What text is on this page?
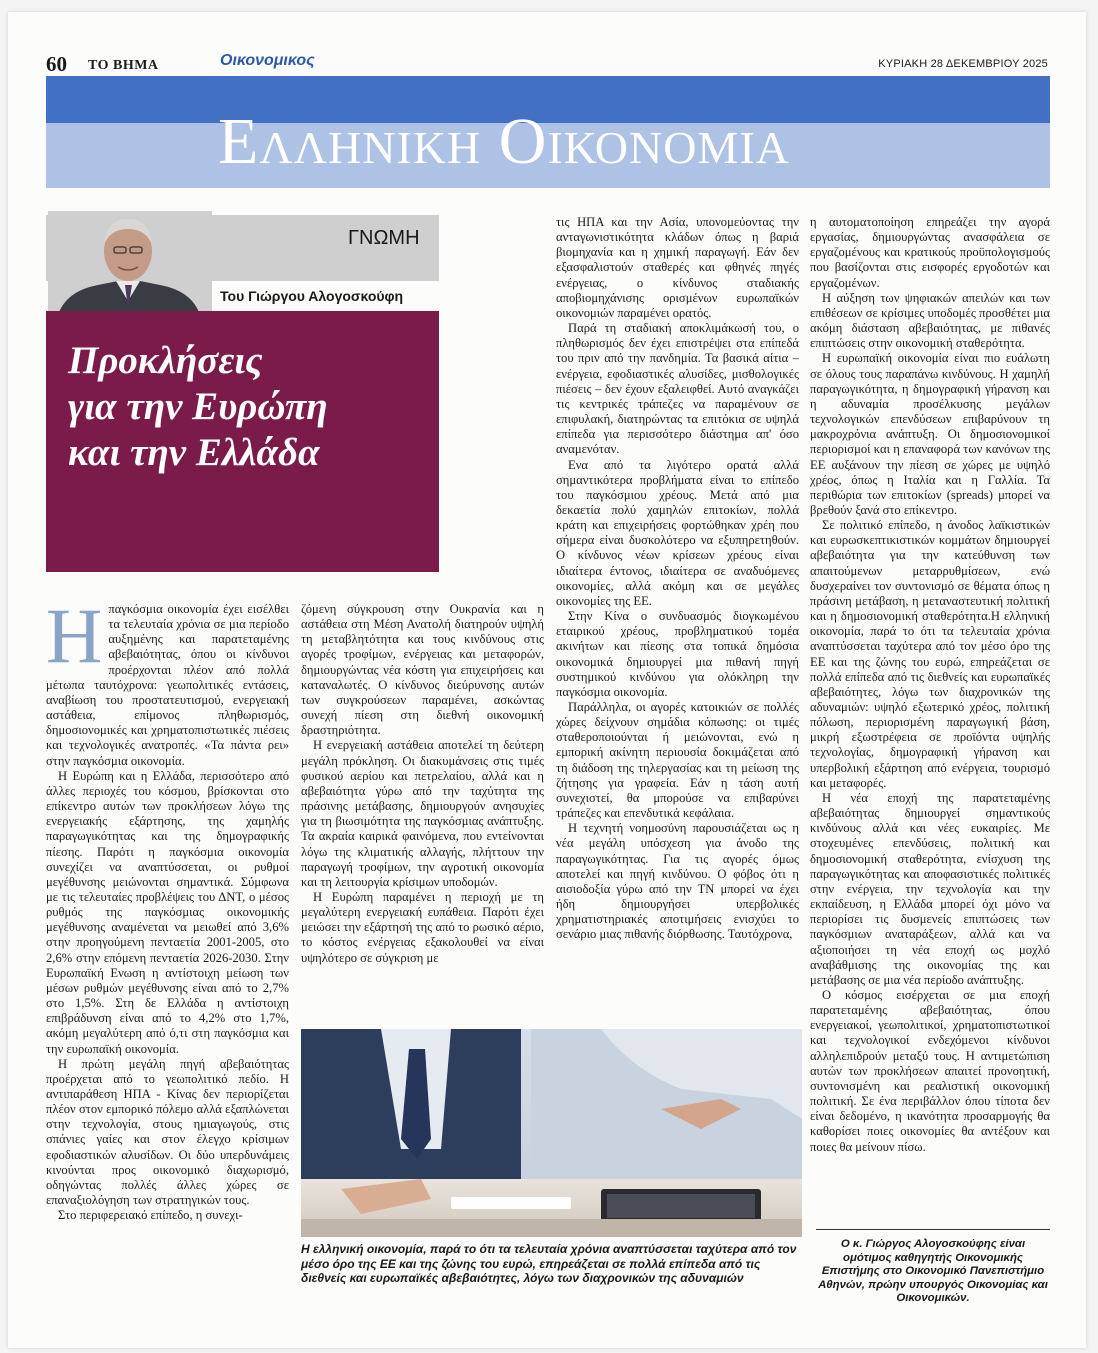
60 ΤΟ ΒΗΜΑ	Οικονομικος	ΚΥΡΙΑΚΗ 28 ΔΕΚΕΜΒΡΙΟΥ 2025
Ελληνικη Οικονομια
ΓΝΩΜΗ
Του Γιώργου Αλογοσκούφη
Προκλήσεις
για την Ευρώπη
και την Ελλάδα
Η παγκόσμια οικονομία έχει εισέλθει τα τελευταία χρόνια σε μια περίοδο αυξημένης και παρατεταμένης αβεβαιότητας, όπου οι κίνδυνοι προέρχονται πλέον από πολλά μέτωπα ταυτόχρονα: γεωπολιτικές εντάσεις, αναβίωση του προστατευτισμού, ενεργειακή αστάθεια, επίμονος πληθωρισμός, δημοσιονομικές και χρηματοπιστωτικές πιέσεις και τεχνολογικές ανατροπές. «Τα πάντα ρει» στην παγκόσμια οικονομία.

Η Ευρώπη και η Ελλάδα, περισσότερο από άλλες περιοχές του κόσμου, βρίσκονται στο επίκεντρο αυτών των προκλήσεων λόγω της ενεργειακής εξάρτησης, της χαμηλής παραγωγικότητας και της δημογραφικής πίεσης. Παρότι η παγκόσμια οικονομία συνεχίζει να αναπτύσσεται, οι ρυθμοί μεγέθυνσης μειώνονται σημαντικά. Σύμφωνα με τις τελευταίες προβλέψεις του ΔΝΤ, ο μέσος ρυθμός της παγκόσμιας οικονομικής μεγέθυνσης αναμένεται να μειωθεί από 3,6% στην προηγούμενη πενταετία 2001-2005, στο 2,6% στην επόμενη πενταετία 2026-2030. Στην Ευρωπαϊκή Ενωση η αντίστοιχη μείωση των μέσων ρυθμών μεγέθυνσης είναι από το 2,7% στο 1,5%. Στη δε Ελλάδα η αντίστοιχη επιβράδυνση είναι από το 4,2% στο 1,7%, ακόμη μεγαλύτερη από ό,τι στη παγκόσμια και την ευρωπαϊκή οικονομία.

Η πρώτη μεγάλη πηγή αβεβαιότητας προέρχεται από το γεωπολιτικό πεδίο. Η αντιπαράθεση ΗΠΑ - Κίνας δεν περιορίζεται πλέον στον εμπορικό πόλεμο αλλά εξαπλώνεται στην τεχνολογία, στους ημιαγωγούς, στις σπάνιες γαίες και στον έλεγχο κρίσιμων εφοδιαστικών αλυσίδων. Οι δύο υπερδυνάμεις κινούνται προς οικονομικό διαχωρισμό, οδηγώντας πολλές άλλες χώρες σε επαναξιολόγηση των στρατηγικών τους.

Στο περιφερειακό επίπεδο, η συνεχι-

ζόμενη σύγκρουση στην Ουκρανία και η αστάθεια στη Μέση Ανατολή διατηρούν υψηλή τη μεταβλητότητα και τους κινδύνους στις αγορές τροφίμων, ενέργειας και μεταφορών, δημιουργώντας νέα κόστη για επιχειρήσεις και καταναλωτές. Ο κίνδυνος διεύρυνσης αυτών των συγκρούσεων παραμένει, ασκώντας συνεχή πίεση στη διεθνή οικονομική δραστηριότητα.

Η ενεργειακή αστάθεια αποτελεί τη δεύτερη μεγάλη πρόκληση. Οι διακυμάνσεις στις τιμές φυσικού αερίου και πετρελαίου, αλλά και η αβεβαιότητα γύρω από την ταχύτητα της πράσινης μετάβασης, δημιουργούν ανησυχίες για τη βιωσιμότητα της παγκόσμιας ανάπτυξης. Τα ακραία καιρικά φαινόμενα, που εντείνονται λόγω της κλιματικής αλλαγής, πλήττουν την παραγωγή τροφίμων, την αγροτική οικονομία και τη λειτουργία κρίσιμων υποδομών.

Η Ευρώπη παραμένει η περιοχή με τη μεγαλύτερη ενεργειακή ευπάθεια. Παρότι έχει μειώσει την εξάρτησή της από το ρωσικό αέριο, το κόστος ενέργειας εξακολουθεί να είναι υψηλότερο σε σύγκριση με

τις ΗΠΑ και την Ασία, υπονομεύοντας την ανταγωνιστικότητα κλάδων όπως η βαριά βιομηχανία και η χημική παραγωγή. Εάν δεν εξασφαλιστούν σταθερές και φθηνές πηγές ενέργειας, ο κίνδυνος σταδιακής αποβιομηχάνισης ορισμένων ευρωπαϊκών οικονομιών παραμένει ορατός.

Παρά τη σταδιακή αποκλιμάκωσή του, ο πληθωρισμός δεν έχει επιστρέψει στα επίπεδά του πριν από την πανδημία. Τα βασικά αίτια – ενέργεια, εφοδιαστικές αλυσίδες, μισθολογικές πιέσεις – δεν έχουν εξαλειφθεί. Αυτό αναγκάζει τις κεντρικές τράπεζες να παραμένουν σε επιφυλακή, διατηρώντας τα επιτόκια σε υψηλά επίπεδα για περισσότερο διάστημα απ' όσο αναμενόταν.

Ενα από τα λιγότερο ορατά αλλά σημαντικότερα προβλήματα είναι το επίπεδο του παγκόσμιου χρέους. Μετά από μια δεκαετία πολύ χαμηλών επιτοκίων, πολλά κράτη και επιχειρήσεις φορτώθηκαν χρέη που σήμερα είναι δυσκολότερο να εξυπηρετηθούν. Ο κίνδυνος νέων κρίσεων χρέους είναι ιδιαίτερα έντονος, ιδιαίτερα σε αναδυόμενες οικονομίες, αλλά ακόμη και σε μεγάλες οικονομίες της ΕΕ.

Στην Κίνα ο συνδυασμός διογκωμένου εταιρικού χρέους, προβληματικού τομέα ακινήτων και πίεσης στα τοπικά δημόσια οικονομικά δημιουργεί μια πιθανή πηγή συστημικού κινδύνου για ολόκληρη την παγκόσμια οικονομία.

Παράλληλα, οι αγορές κατοικιών σε πολλές χώρες δείχνουν σημάδια κόπωσης: οι τιμές σταθεροποιούνται ή μειώνονται, ενώ η εμπορική ακίνητη περιουσία δοκιμάζεται από τη διάδοση της τηλεργασίας και τη μείωση της ζήτησης για γραφεία. Εάν η τάση αυτή συνεχιστεί, θα μπορούσε να επιβαρύνει τράπεζες και επενδυτικά κεφάλαια.

Η τεχνητή νοημοσύνη παρουσιάζεται ως η νέα μεγάλη υπόσχεση για άνοδο της παραγωγικότητας. Για τις αγορές όμως αποτελεί και πηγή κινδύνου. Ο φόβος ότι η αισιοδοξία γύρω από την ΤΝ μπορεί να έχει ήδη δημιουργήσει υπερβολικές χρηματιστηριακές αποτιμήσεις ενισχύει το σενάριο μιας πιθανής διόρθωσης. Ταυτόχρονα,

η αυτοματοποίηση επηρεάζει την αγορά εργασίας, δημιουργώντας ανασφάλεια σε εργαζομένους και κρατικούς προϋπολογισμούς που βασίζονται στις εισφορές εργοδοτών και εργαζομένων.

Η αύξηση των ψηφιακών απειλών και των επιθέσεων σε κρίσιμες υποδομές προσθέτει μια ακόμη διάσταση αβεβαιότητας, με πιθανές επιπτώσεις στην οικονομική σταθερότητα.

Η ευρωπαϊκή οικονομία είναι πιο ευάλωτη σε όλους τους παραπάνω κινδύνους. Η χαμηλή παραγωγικότητα, η δημογραφική γήρανση και η αδυναμία προσέλκυσης μεγάλων τεχνολογικών επενδύσεων επιβαρύνουν τη μακροχρόνια ανάπτυξη. Οι δημοσιονομικοί περιορισμοί και η επαναφορά των κανόνων της ΕΕ αυξάνουν την πίεση σε χώρες με υψηλό χρέος, όπως η Ιταλία και η Γαλλία. Τα περιθώρια των επιτοκίων (spreads) μπορεί να βρεθούν ξανά στο επίκεντρο.

Σε πολιτικό επίπεδο, η άνοδος λαϊκιστικών και ευρωσκεπτικιστικών κομμάτων δημιουργεί αβεβαιότητα για την κατεύθυνση των απαιτούμενων μεταρρυθμίσεων, ενώ δυσχεραίνει τον συντονισμό σε θέματα όπως η πράσινη μετάβαση, η μεταναστευτική πολιτική και η δημοσιονομική σταθερότητα.Η ελληνική οικονομία, παρά το ότι τα τελευταία χρόνια αναπτύσσεται ταχύτερα από τον μέσο όρο της ΕΕ και της ζώνης του ευρώ, επηρεάζεται σε πολλά επίπεδα από τις διεθνείς και ευρωπαϊκές αβεβαιότητες, λόγω των διαχρονικών της αδυναμιών: υψηλό εξωτερικό χρέος, πολιτική πόλωση, περιορισμένη παραγωγική βάση, μικρή εξωστρέφεια σε προϊόντα υψηλής τεχνολογίας, δημογραφική γήρανση και υπερβολική εξάρτηση από ενέργεια, τουρισμό και μεταφορές.

Η νέα εποχή της παρατεταμένης αβεβαιότητας δημιουργεί σημαντικούς κινδύνους αλλά και νέες ευκαιρίες. Με στοχευμένες επενδύσεις, πολιτική και δημοσιονομική σταθερότητα, ενίσχυση της παραγωγικότητας και αποφασιστικές πολιτικές στην ενέργεια, την τεχνολογία και την εκπαίδευση, η Ελλάδα μπορεί όχι μόνο να περιορίσει τις δυσμενείς επιπτώσεις των παγκόσμιων αναταράξεων, αλλά και να αξιοποιήσει τη νέα εποχή ως μοχλό αναβάθμισης της οικονομίας της και μετάβασης σε μια νέα περίοδο ανάπτυξης.

Ο κόσμος εισέρχεται σε μια εποχή παρατεταμένης αβεβαιότητας, όπου ενεργειακοί, γεωπολιτικοί, χρηματοπιστωτικοί και τεχνολογικοί ενδεχόμενοι κίνδυνοι αλληλεπιδρούν μεταξύ τους. Η αντιμετώπιση αυτών των προκλήσεων απαιτεί προνοητική, συντονισμένη και ρεαλιστική οικονομική πολιτική. Σε ένα περιβάλλον όπου τίποτα δεν είναι δεδομένο, η ικανότητα προσαρμογής θα καθορίσει ποιες οικονομίες θα αντέξουν και ποιες θα μείνουν πίσω.

Η ελληνική οικονομία, παρά το ότι τα τελευταία χρόνια αναπτύσσεται ταχύτερα από τον μέσο όρο της ΕΕ και της ζώνης του ευρώ, επηρεάζεται σε πολλά επίπεδα από τις διεθνείς και ευρωπαϊκές αβεβαιότητες, λόγω των διαχρονικών της αδυναμιών
Ο κ. Γιώργος Αλογοσκούφης είναι ομότιμος καθηγητής Οικονομικής Επιστήμης στο Οικονομικό Πανεπιστήμιο Αθηνών, πρώην υπουργός Οικονομίας και Οικονομικών.
